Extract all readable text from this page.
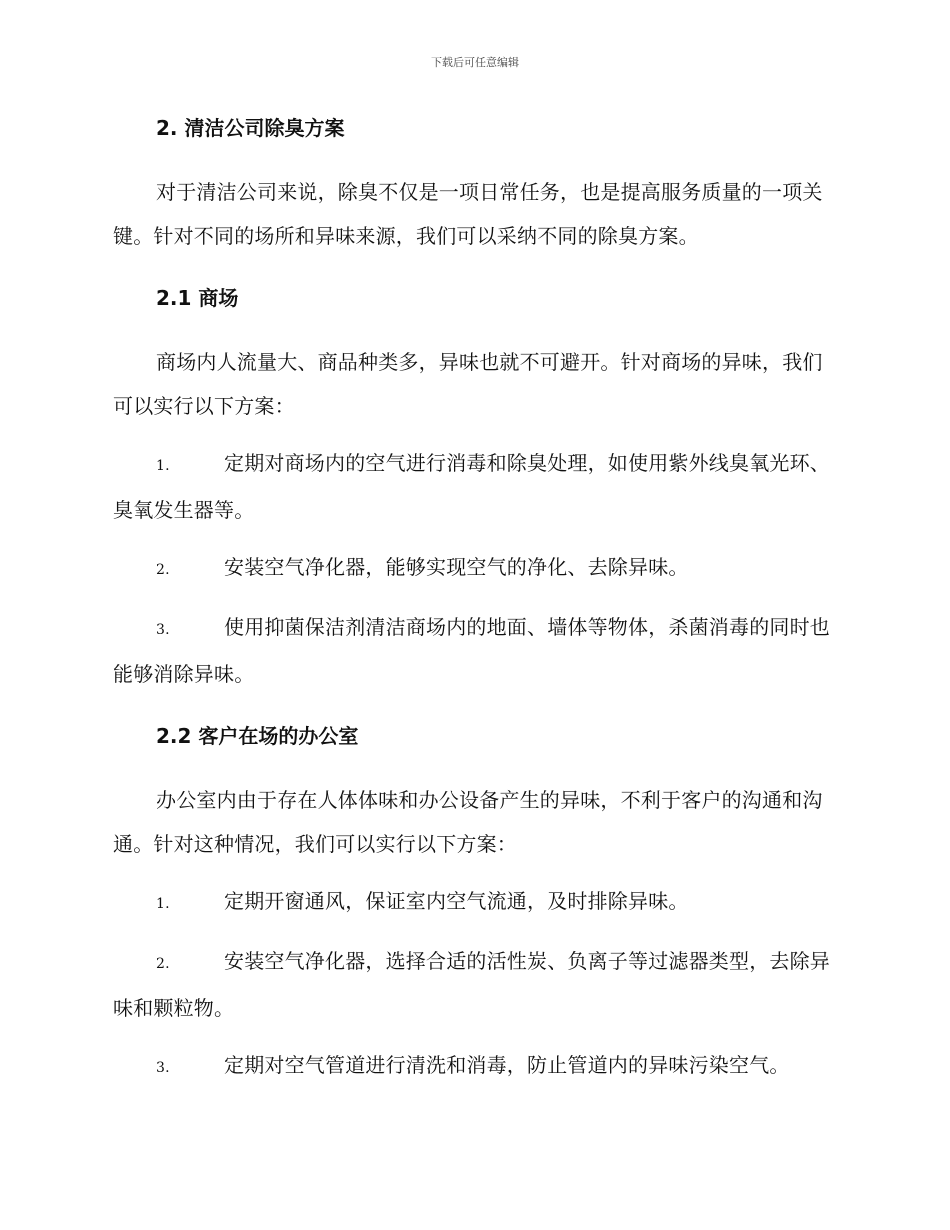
下载后可任意编辑
2. 清洁公司除臭方案

对于清洁公司来说，除臭不仅是一项日常任务，也是提高服务质量的一项关键。针对不同的场所和异味来源，我们可以采纳不同的除臭方案。

2.1 商场

商场内人流量大、商品种类多，异味也就不可避开。针对商场的异味，我们可以实行以下方案：

1.	定期对商场内的空气进行消毒和除臭处理，如使用紫外线臭氧光环、臭氧发生器等。

2.	安装空气净化器，能够实现空气的净化、去除异味。

3.	使用抑菌保洁剂清洁商场内的地面、墙体等物体，杀菌消毒的同时也能够消除异味。

2.2 客户在场的办公室

办公室内由于存在人体体味和办公设备产生的异味，不利于客户的沟通和沟通。针对这种情况，我们可以实行以下方案：

1.	定期开窗通风，保证室内空气流通，及时排除异味。

2.	安装空气净化器，选择合适的活性炭、负离子等过滤器类型，去除异味和颗粒物。

3.	定期对空气管道进行清洗和消毒，防止管道内的异味污染空气。
